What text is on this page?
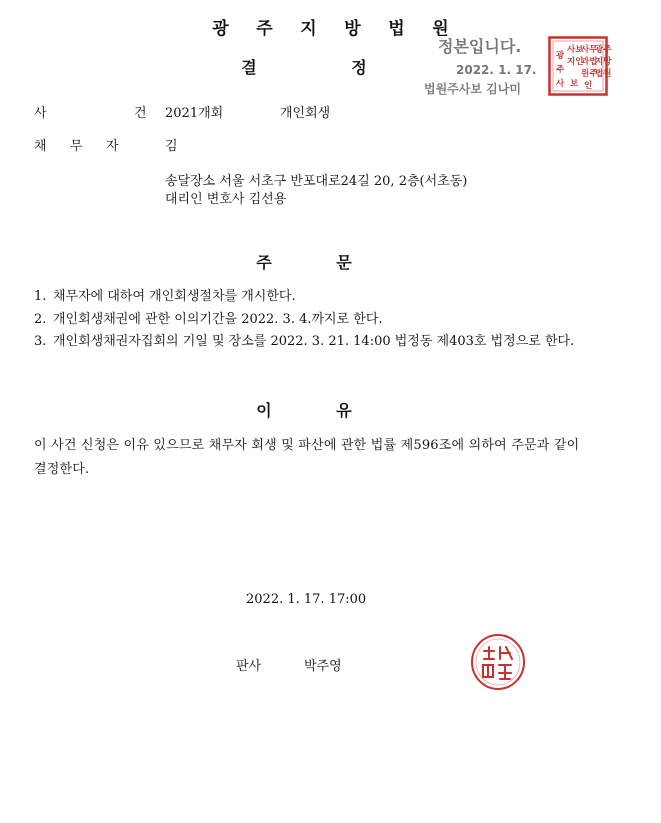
광 주 지 방 법 원
결	정
정본입니다.
2022. 1. 17.
법원주사보 김나미
광주
지방
법원
사무
과법
원주
사보
지인
광
주
사 보 인
사	건	2021개회	개인회생
채 무 자	김
송달장소 서울 서초구 반포대로24길 20, 2층(서초동)
대리인 변호사 김선용
주	문
1. 채무자에 대하여 개인회생절차를 개시한다.
2. 개인회생채권에 관한 이의기간을 2022. 3. 4.까지로 한다.
3. 개인회생채권자집회의 기일 및 장소를 2022. 3. 21. 14:00 법정동 제403호 법정으로 한다.
이	유
이 사건 신청은 이유 있으므로 채무자 회생 및 파산에 관한 법률 제596조에 의하여 주문과 같이 결정한다.
2022. 1. 17. 17:00
판사	박주영
